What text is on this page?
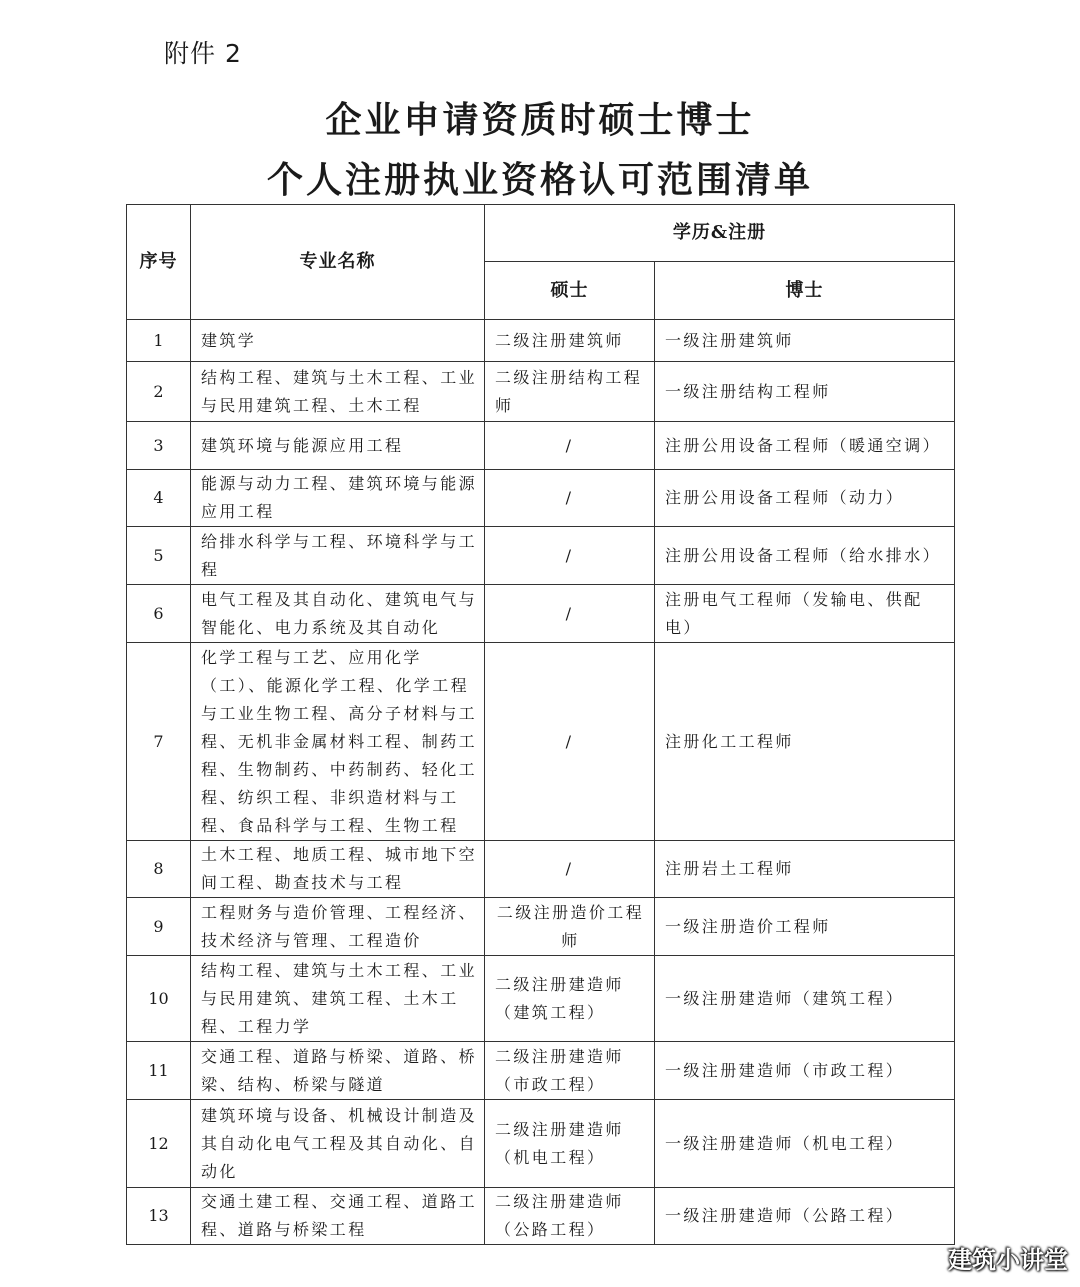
附件 2
企业申请资质时硕士博士
个人注册执业资格认可范围清单
序号	专业名称	学历&注册	
		硕士	博士
1	建筑学	二级注册建筑师	一级注册建筑师
2	结构工程、建筑与土木工程、工业与民用建筑工程、土木工程	二级注册结构工程师	一级注册结构工程师
3	建筑环境与能源应用工程	/	注册公用设备工程师（暖通空调）
4	能源与动力工程、建筑环境与能源应用工程	/	注册公用设备工程师（动力）
5	给排水科学与工程、环境科学与工程	/	注册公用设备工程师（给水排水）
6	电气工程及其自动化、建筑电气与智能化、电力系统及其自动化	/	注册电气工程师（发输电、供配电）
7	化学工程与工艺、应用化学（工）、能源化学工程、化学工程与工业生物工程、高分子材料与工程、无机非金属材料工程、制药工程、生物制药、中药制药、轻化工程、纺织工程、非织造材料与工程、食品科学与工程、生物工程	/	注册化工工程师
8	土木工程、地质工程、城市地下空间工程、勘查技术与工程	/	注册岩土工程师
9	工程财务与造价管理、工程经济、技术经济与管理、工程造价	二级注册造价工程师	一级注册造价工程师
10	结构工程、建筑与土木工程、工业与民用建筑、建筑工程、土木工程、工程力学	二级注册建造师（建筑工程）	一级注册建造师（建筑工程）
11	交通工程、道路与桥梁、道路、桥梁、结构、桥梁与隧道	二级注册建造师（市政工程）	一级注册建造师（市政工程）
12	建筑环境与设备、机械设计制造及其自动化电气工程及其自动化、自动化	二级注册建造师（机电工程）	一级注册建造师（机电工程）
13	交通土建工程、交通工程、道路工程、道路与桥梁工程	二级注册建造师（公路工程）	一级注册建造师（公路工程）
建筑小讲堂
